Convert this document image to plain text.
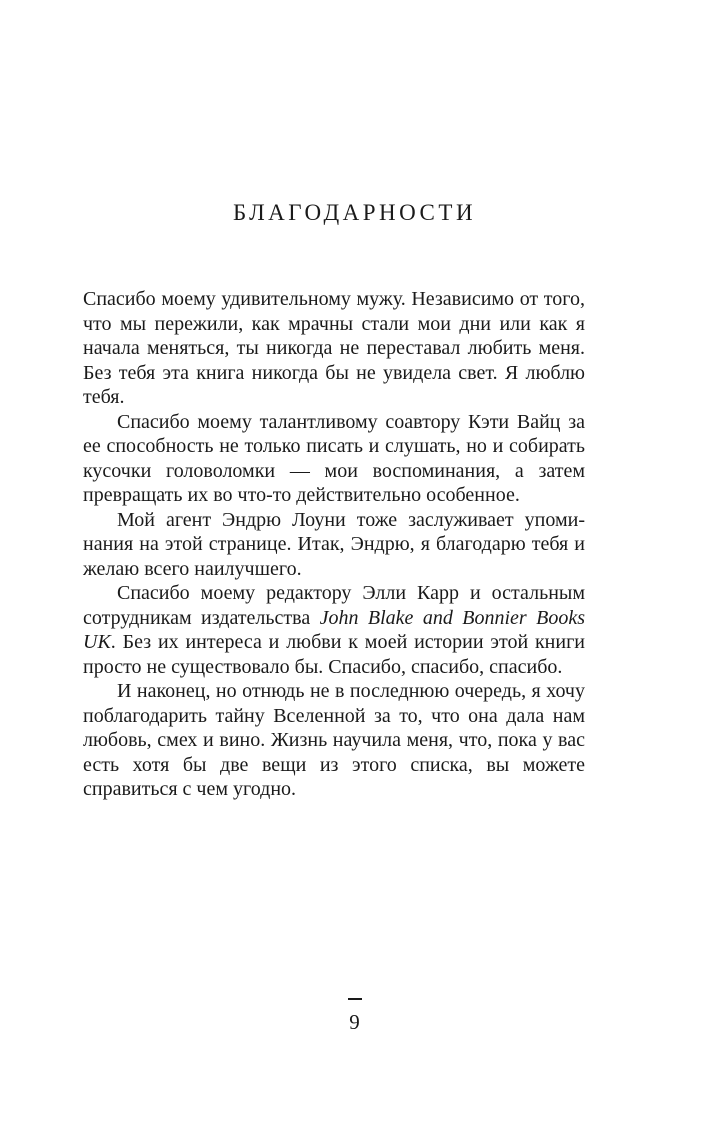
БЛАГОДАРНОСТИ

Спасибо моему удивительному мужу. Независимо от того, что мы пережили, как мрачны стали мои дни или как я начала меняться, ты никогда не переставал любить меня. Без тебя эта книга никогда бы не увидела свет. Я люблю тебя.

Спасибо моему талантливому соавтору Кэти Вайц за ее способность не только писать и слушать, но и собирать кусочки головоломки — мои воспоминания, а затем превращать их во что-то действительно особенное.

Мой агент Эндрю Лоуни тоже заслуживает упоминания на этой странице. Итак, Эндрю, я благодарю тебя и желаю всего наилучшего.

Спасибо моему редактору Элли Карр и остальным сотрудникам издательства John Blake and Bonnier Books UK. Без их интереса и любви к моей истории этой книги просто не существовало бы. Спасибо, спасибо, спасибо.

И наконец, но отнюдь не в последнюю очередь, я хочу поблагодарить тайну Вселенной за то, что она дала нам любовь, смех и вино. Жизнь научила меня, что, пока у вас есть хотя бы две вещи из этого списка, вы можете справиться с чем угодно.

9
